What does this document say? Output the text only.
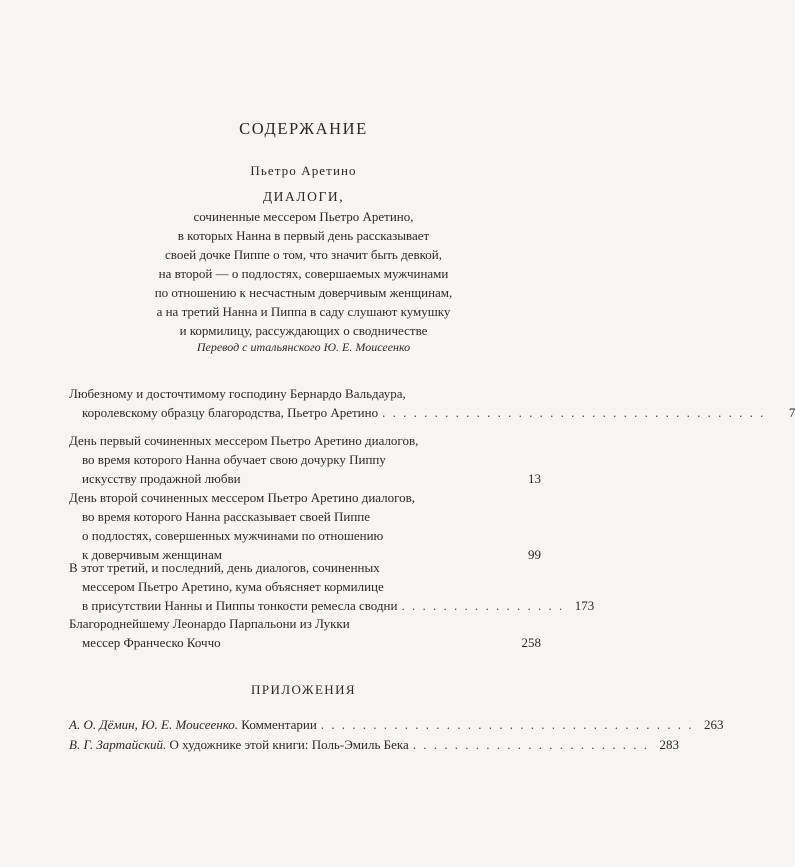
СОДЕРЖАНИЕ
Пьетро Аретино
ДИАЛОГИ,
сочиненные мессером Пьетро Аретино,
в которых Нанна в первый день рассказывает
своей дочке Пиппе о том, что значит быть девкой,
на второй — о подлостях, совершаемых мужчинами
по отношению к несчастным доверчивым женщинам,
а на третий Нанна и Пиппа в саду слушают кумушку
и кормилицу, рассуждающих о сводничестве
Перевод с итальянского Ю. Е. Моисеенко
Любезному и досточтимому господину Бернардо Вальдаура,
королевскому образцу благородства, Пьетро Аретино . . . . . . . . . . . . . . . . . . . . . . . . . . . . . . . . . . . . .	7
День первый сочиненных мессером Пьетро Аретино диалогов,
во время которого Нанна обучает свою дочурку Пиппу
искусству продажной любви	13
День второй сочиненных мессером Пьетро Аретино диалогов,
во время которого Нанна рассказывает своей Пиппе
о подлостях, совершенных мужчинами по отношению
к доверчивым женщинам	99
В этот третий, и последний, день диалогов, сочиненных
мессером Пьетро Аретино, кума объясняет кормилице
в присутствии Нанны и Пиппы тонкости ремесла сводни . . . . . . . . . . . . . . . . 173
Благороднейшему Леонардо Парпальони из Лукки
мессер Франческо Коччо	258
ПРИЛОЖЕНИЯ
А. О. Дёмин, Ю. Е. Моисеенко. Комментарии . . . . . . . . . . . . . . . . . . . . . . . . . . . . . . . . . . . . 263
В. Г. Зартайский. О художнике этой книги: Поль-Эмиль Бека . . . . . . . . . . . . . . . . . . . . . . . 283
